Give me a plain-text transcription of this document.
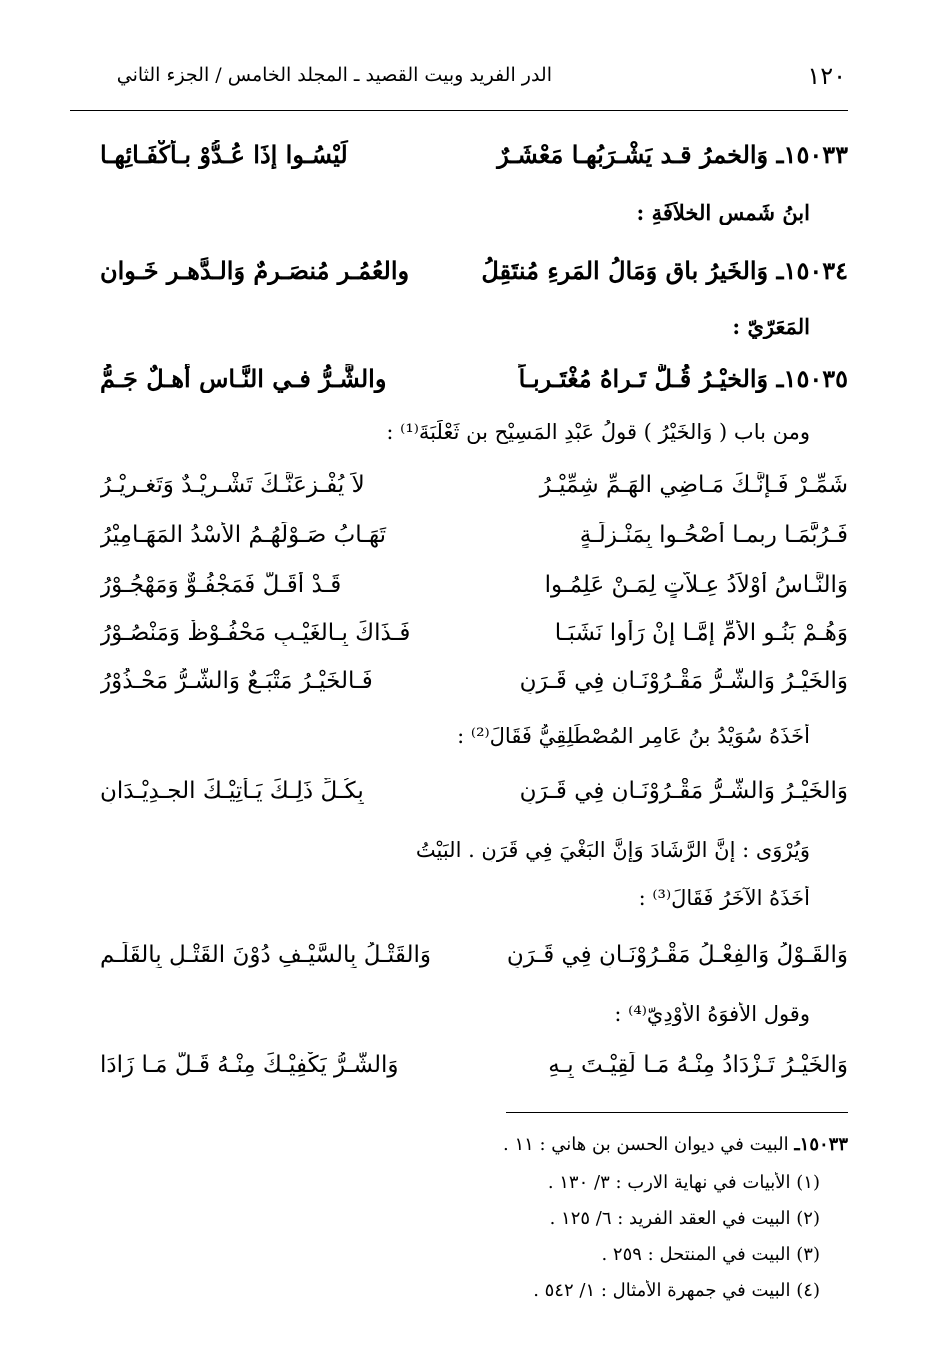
١٢٠
الدر الفريد وبيت القصيد ـ المجلد الخامس / الجزء الثاني
١٥٠٣٣ـ وَالخمرُ قـد يَشْـرَبُهـا مَعْشَـرٌ
لَيْسُـوا إذَا عُـدُّوْ بـأَكْفَـائِهـا
ابنُ شَمسِ الخلاَفَةِ :
١٥٠٣٤ـ وَالخَيرُ باقٍ وَمَالُ المَرءِ مُنتَقِلُ
والعُمُـر مُنصَـرِمٌ وَالـدَّهـر خَـوان
المَعَرّيّ :
١٥٠٣٥ـ وَالخيْـرُ قُـلٌّ تَـراهُ مُغْتَـربـاً
والشَّـرُّ فـي النَّـاسِ أهـلٌ جَـمُّ
ومن باب ( وَالخَيْرُ ) قولُ عَبْدِ المَسِيْحِ بنِ ثَعْلَبَةَ⁽¹⁾ :
شَمِّـرْ فَـإِنَّـكَ مَـاضِي الهَـمِّ شِمِّيْـرُ
لاَ يُفْـزِعَنَّـكَ تَشْـرِيْـدٌ وَتَغـرِيْـرُ
فَـرُبَّمَـا ربمـا أَصْحُـوا بِمَنْـزِلَـةٍ
تَهَـابُ صَـوْلَهُـمُ الأُسْدُ المَهَـامِيْرُ
وَالنَّـاسُ أَوْلاَدُ عِـلاَّتٍ لِمَـنْ عَلِمُـوا
قَـدْ أَقَـلَّ فَمَجْفُـوٌّ وَمَهْجُـوْرُ
وَهُـمْ بَنُـو الأُمِّ إمَّـا إنْ رَأَوا نَشَبَـا
فَـذَاكَ بِـالغَيْـبِ مَحْفُـوْظٌ وَمَنْصُـوْرُ
وَالخَيْـرُ وَالشَّـرُّ مَقْـرُوْنَـانِ فِي قَـرَنٍ
فَـالخَيْـرُ مَتْبَـعٌ وَالشَّـرُّ مَحْـذُوْرُ
أَخَذَهُ سُوَيْدُ بنُ عَامِرٍ المُصْطَلِقِيُّ فَقَالَ⁽²⁾ :
وَالخَيْـرُ وَالشَّـرُّ مَقْـرُوْنَـانِ فِي قَـرَنٍ
بِكُـلِّ ذَلِـكَ يَـأْتِيْـكَ الجـدِيْـدَانِ
وَيُرْوَى : إِنَّ الرَّشَادَ وَإِنَّ البَغْيَ فِي قَرَنٍ . البَيْتُ
أَخَذَهُ الآخَرُ فَقَالَ⁽³⁾ :
وَالقَـوْلُ وَالفِعْـلُ مَقْـرُوْنَـانِ فِي قَـرَنٍ
وَالقَتْـلُ بِالسَّيْـفِ دُوْنَ القَتْـلِ بِالقَلَـمِ
وقول الأَفوَهُ الأَوْدِيّ⁽⁴⁾ :
وَالخَيْـرُ تَـزْدَادُ مِنْـهُ مَـا لَقِيْـتَ بِـهِ
وَالشَّـرُّ يَكْفِيْـكَ مِنْـهُ قَـلَّ مَـا زَادَا
١٥٠٣٣ـ البيت في ديوان الحسن بن هاني : ١١ .
(١) الأبيات في نهاية الارب : ٣/ ١٣٠ .
(٢) البيت في العقد الفريد : ٦/ ١٢٥ .
(٣) البيت في المنتحل : ٢٥٩ .
(٤) البيت في جمهرة الأمثال : ١/ ٥٤٢ .
